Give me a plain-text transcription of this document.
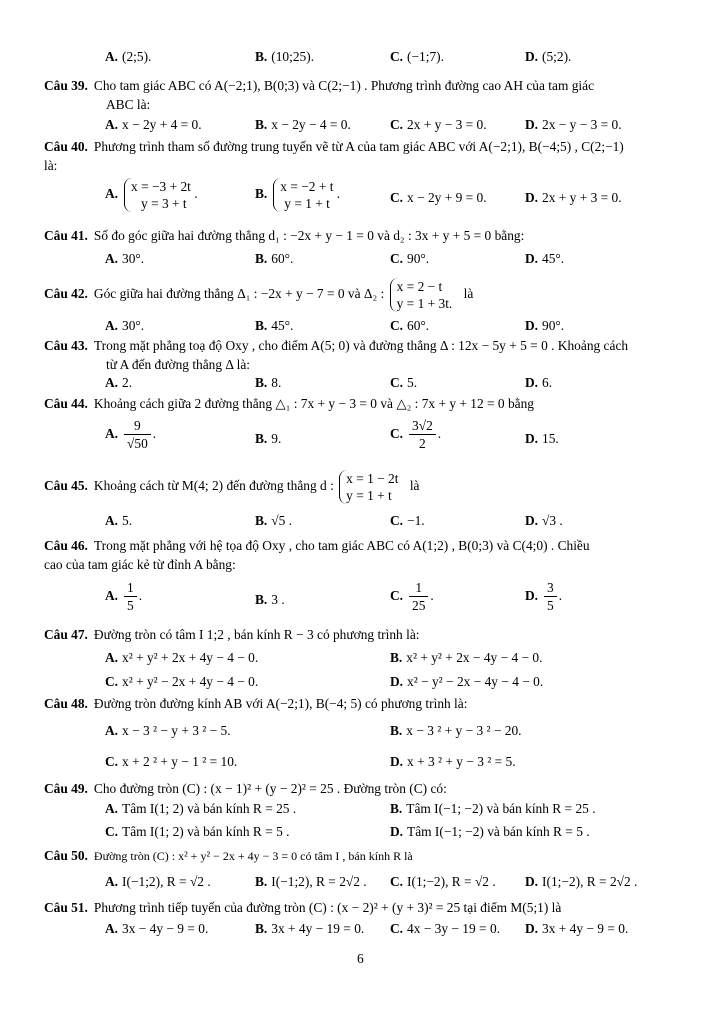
A. (2;5).	B. (10;25).	C. (−1;7).	D. (5;2).
Câu 39. Cho tam giác ABC có A(−2;1), B(0;3) và C(2;−1) . Phương trình đường cao AH của tam giác
ABC là:
A. x − 2y + 4 = 0.	B. x − 2y − 4 = 0.	C. 2x + y − 3 = 0.	D. 2x − y − 3 = 0.
Câu 40. Phương trình tham số đường trung tuyến vẽ từ A của tam giác ABC với A(−2;1), B(−4;5) , C(2;−1)
là:
A. x = −3 + 2t
y = 3 + t .	B. x = −2 + t
y = 1 + t .	C. x − 2y + 9 = 0.	D. 2x + y + 3 = 0.
Câu 41. Số đo góc giữa hai đường thẳng d₁ : −2x + y − 1 = 0 và d₂ : 3x + y + 5 = 0 bằng:
A. 30°.	B. 60°.	C. 90°.	D. 45°.
Câu 42. Góc giữa hai đường thẳng Δ₁ : −2x + y − 7 = 0 và Δ₂ : x = 2 − t
y = 1 + 3t. là
A. 30°.	B. 45°.	C. 60°.	D. 90°.
Câu 43. Trong mặt phẳng toạ độ Oxy , cho điểm A(5; 0) và đường thẳng Δ : 12x − 5y + 5 = 0 . Khoảng cách
từ A đến đường thẳng Δ là:
A. 2.	B. 8.	C. 5.	D. 6.
Câu 44. Khoảng cách giữa 2 đường thẳng △₁ : 7x + y − 3 = 0 và △₂ : 7x + y + 12 = 0 bằng
A. $\frac{9}{√50}$ .	B. 9.	C. $\frac{3√2}{2}$ .	D. 15.
Câu 45. Khoảng cách từ M(4; 2) đến đường thẳng d : x = 1 − 2t
y = 1 + t là
A. 5.	B. √5 .	C. −1.	D. √3 .
Câu 46. Trong mặt phẳng với hệ tọa độ Oxy , cho tam giác ABC có A(1;2) , B(0;3) và C(4;0) . Chiều
cao của tam giác kẻ từ đỉnh A bằng:
A. $\frac{1}{5}$ .	B. 3 .	C. $\frac{1}{25}$ .	D. $\frac{3}{5}$ .
Câu 47. Đường tròn có tâm I 1;2 , bán kính R − 3 có phương trình là:
A. x² + y² + 2x + 4y − 4 − 0.	B. x² + y² + 2x − 4y − 4 − 0.
C. x² + y² − 2x + 4y − 4 − 0.	D. x² − y² − 2x − 4y − 4 − 0.
Câu 48. Đường tròn đường kính AB với A(−2;1), B(−4; 5) có phương trình là:
A. x − 3 ² − y + 3 ² − 5.	B. x − 3 ² + y − 3 ² − 20.
C. x + 2 ² + y − 1 ² = 10.	D. x + 3 ² + y − 3 ² = 5.
Câu 49. Cho đường tròn (C) : (x − 1)² + (y − 2)² = 25 . Đường tròn (C) có:
A. Tâm I(1; 2) và bán kính R = 25 .	B. Tâm I(−1; −2) và bán kính R = 25 .
C. Tâm I(1; 2) và bán kính R = 5 .	D. Tâm I(−1; −2) và bán kính R = 5 .
Câu 50. Đường tròn (C) : x² + y² − 2x + 4y − 3 = 0 có tâm I , bán kính R là
A. I(−1;2), R = √2 .	B. I(−1;2), R = 2√2 . C. I(1;−2), R = √2 . D. I(1;−2), R = 2√2 .
Câu 51. Phương trình tiếp tuyến của đường tròn (C) : (x − 2)² + (y + 3)² = 25 tại điểm M(5;1) là
A. 3x − 4y − 9 = 0.	B. 3x + 4y − 19 = 0. C. 4x − 3y − 19 = 0. D. 3x + 4y − 9 = 0.
6
